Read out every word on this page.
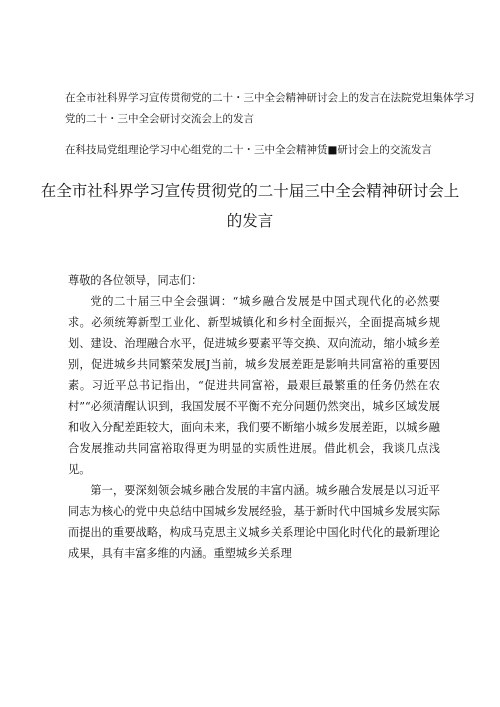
在全市社科界学习宣传贯彻党的二十・三中全会精神研讨会上的发言在法院党坦集体学习党的二十・三中全会研讨交流会上的发言

在科技局党组理论学习中心组党的二十・三中全会精神赁■研讨会上的交流发言

在全市社科界学习宣传贯彻党的二十届三中全会精神研讨会上的发言

尊敬的各位领导，同志们：

党的二十届三中全会强调：“城乡融合发展是中国式现代化的必然要求。必须统筹新型工业化、新型城镇化和乡村全面振兴，全面提高城乡规划、建设、治理融合水平，促进城乡要素平等交换、双向流动，缩小城乡差别，促进城乡共同繁荣发展J当前，城乡发展差距是影响共同富裕的重要因素。习近平总书记指出，“促进共同富裕，最艰巨最繁重的任务仍然在农村”“必须清醒认识到，我国发展不平衡不充分问题仍然突出，城乡区域发展和收入分配差距较大，面向未来，我们要不断缩小城乡发展差距，以城乡融合发展推动共同富裕取得更为明显的实质性进展。借此机会，我谈几点浅见。

第一，要深刻领会城乡融合发展的丰富内涵。城乡融合发展是以习近平同志为核心的党中央总结中国城乡发展经验，基于新时代中国城乡发展实际而提出的重要战略，构成马克思主义城乡关系理论中国化时代化的最新理论成果，具有丰富多维的内涵。重塑城乡关系理
